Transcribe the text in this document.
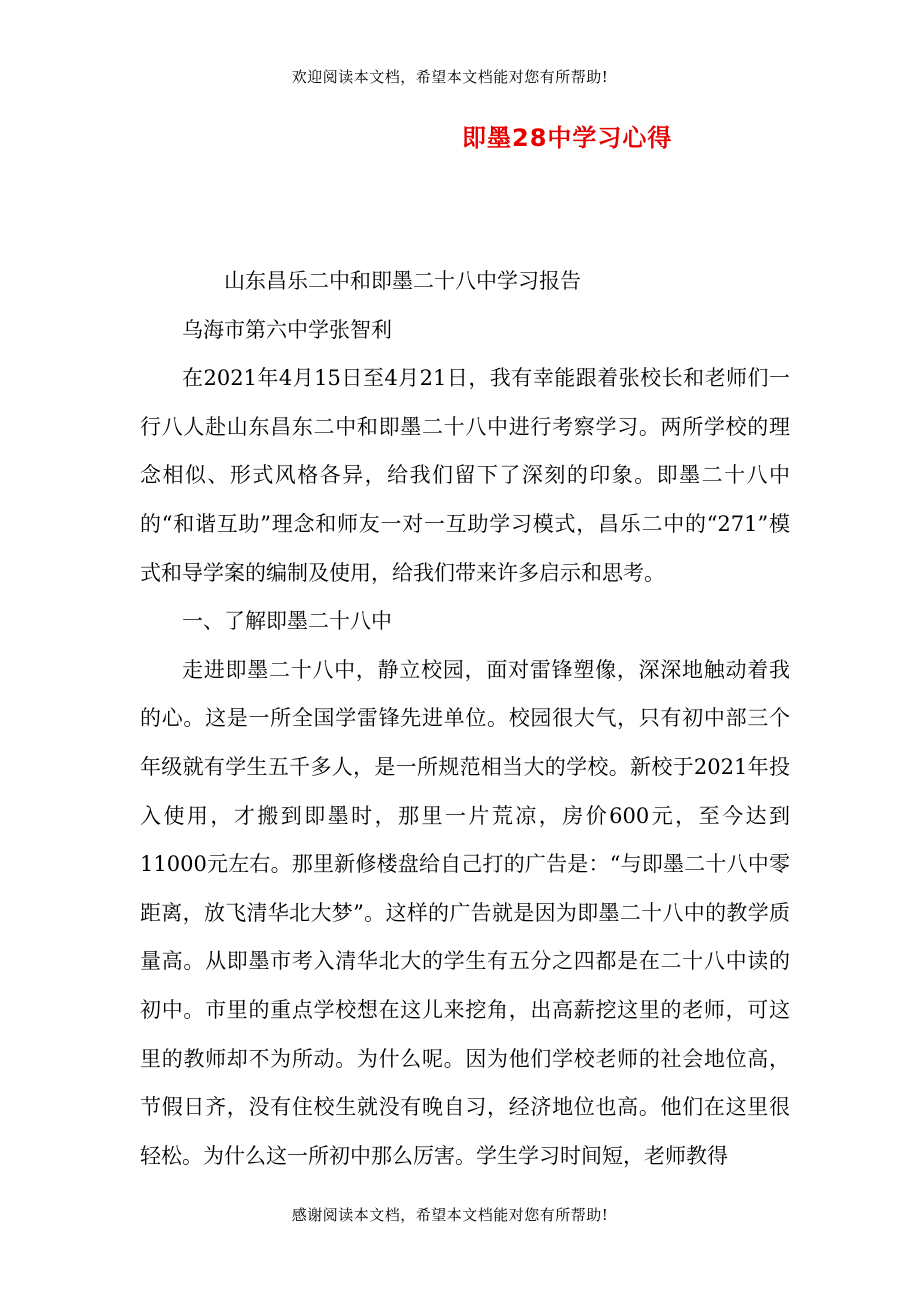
欢迎阅读本文档，希望本文档能对您有所帮助!
即墨28中学习心得

山东昌乐二中和即墨二十八中学习报告

乌海市第六中学张智利

在2021年4月15日至4月21日，我有幸能跟着张校长和老师们一行八人赴山东昌东二中和即墨二十八中进行考察学习。两所学校的理念相似、形式风格各异，给我们留下了深刻的印象。即墨二十八中的“和谐互助”理念和师友一对一互助学习模式，昌乐二中的“271”模式和导学案的编制及使用，给我们带来许多启示和思考。

一、了解即墨二十八中

走进即墨二十八中，静立校园，面对雷锋塑像，深深地触动着我的心。这是一所全国学雷锋先进单位。校园很大气，只有初中部三个年级就有学生五千多人，是一所规范相当大的学校。新校于2021年投入使用，才搬到即墨时，那里一片荒凉，房价600元，至今达到11000元左右。那里新修楼盘给自己打的广告是：“与即墨二十八中零距离，放飞清华北大梦”。这样的广告就是因为即墨二十八中的教学质量高。从即墨市考入清华北大的学生有五分之四都是在二十八中读的初中。市里的重点学校想在这儿来挖角，出高薪挖这里的老师，可这里的教师却不为所动。为什么呢。因为他们学校老师的社会地位高，节假日齐，没有住校生就没有晚自习，经济地位也高。他们在这里很轻松。为什么这一所初中那么厉害。学生学习时间短，老师教得

感谢阅读本文档，希望本文档能对您有所帮助!
